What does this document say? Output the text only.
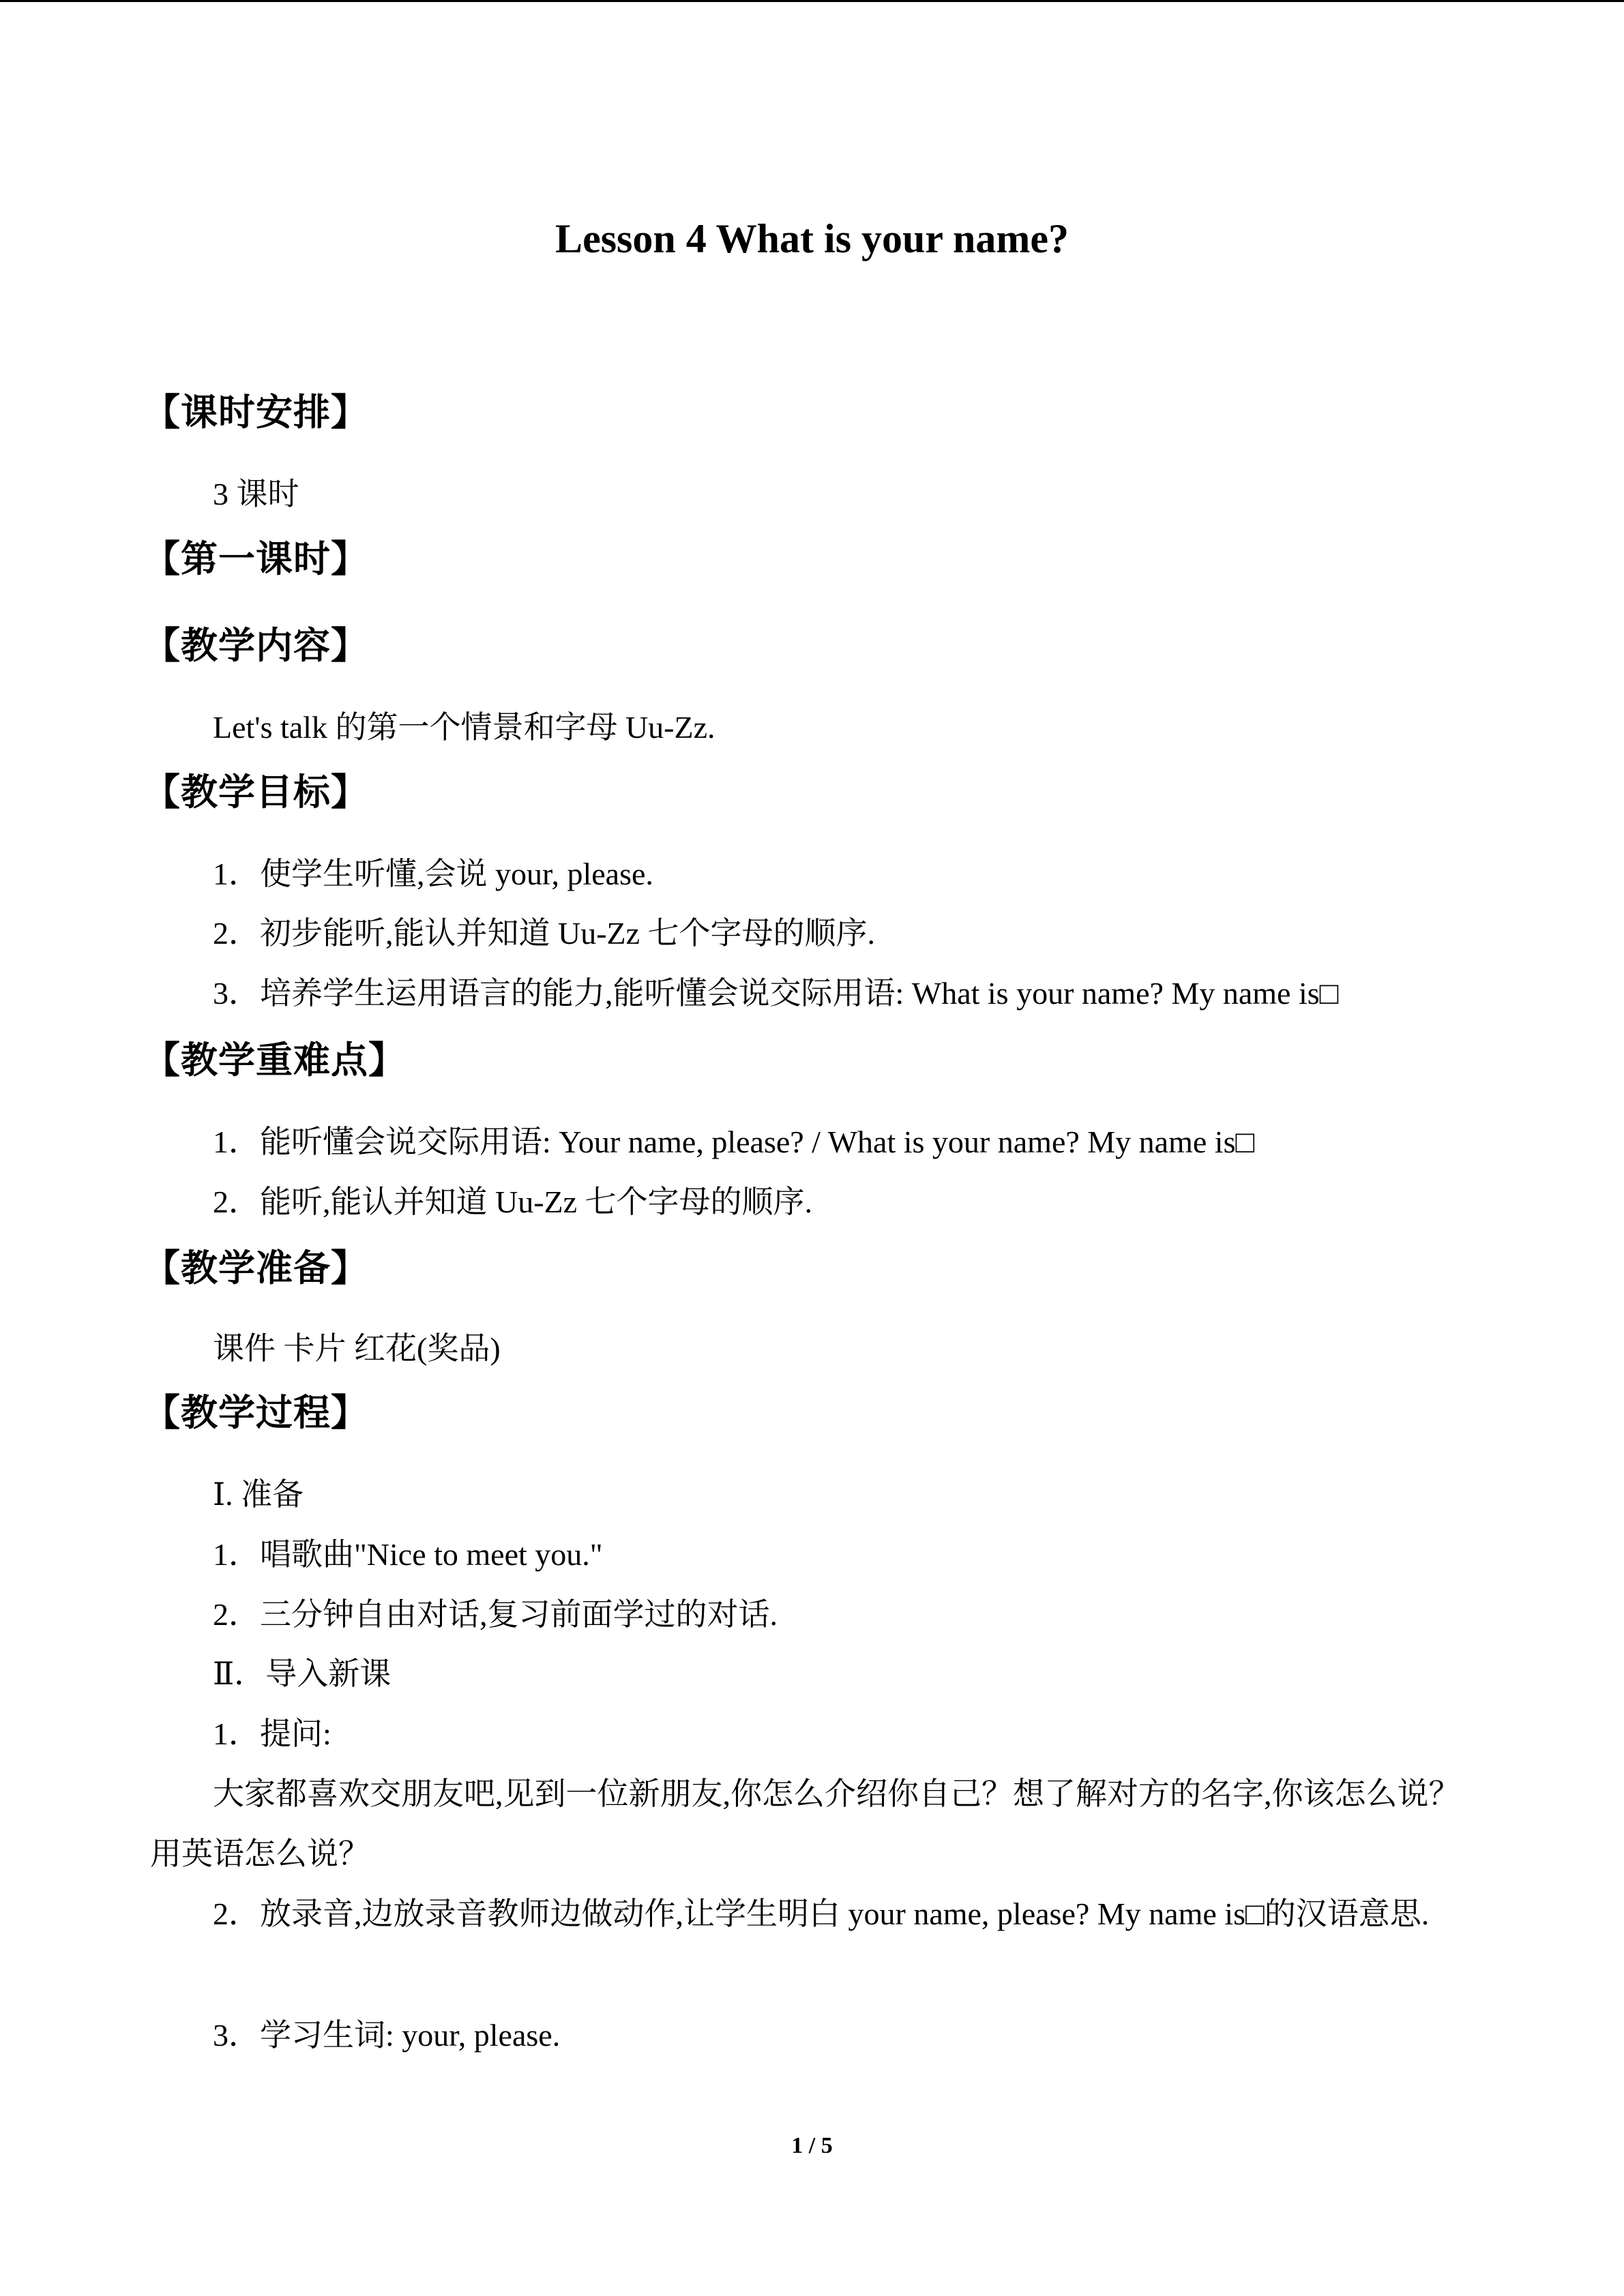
Lesson 4 What is your name?
【课时安排】
3 课时
【第一课时】
【教学内容】
Let's talk 的第一个情景和字母 Uu-Zz.
【教学目标】
1．使学生听懂,会说 your, please.
2．初步能听,能认并知道 Uu-Zz 七个字母的顺序.
3．培养学生运用语言的能力,能听懂会说交际用语: What is your name? My name is□
【教学重难点】
1．能听懂会说交际用语: Your name, please? / What is your name? My name is□
2．能听,能认并知道 Uu-Zz 七个字母的顺序.
【教学准备】
课件 卡片 红花(奖品)
【教学过程】
Ⅰ. 准备
1．唱歌曲"Nice to meet you."
2．三分钟自由对话,复习前面学过的对话.
Ⅱ．导入新课
1．提问:
大家都喜欢交朋友吧,见到一位新朋友,你怎么介绍你自己？想了解对方的名字,你该怎么说？用英语怎么说？
2．放录音,边放录音教师边做动作,让学生明白 your name, please? My name is□的汉语意思.
3．学习生词: your, please.
1 / 5
